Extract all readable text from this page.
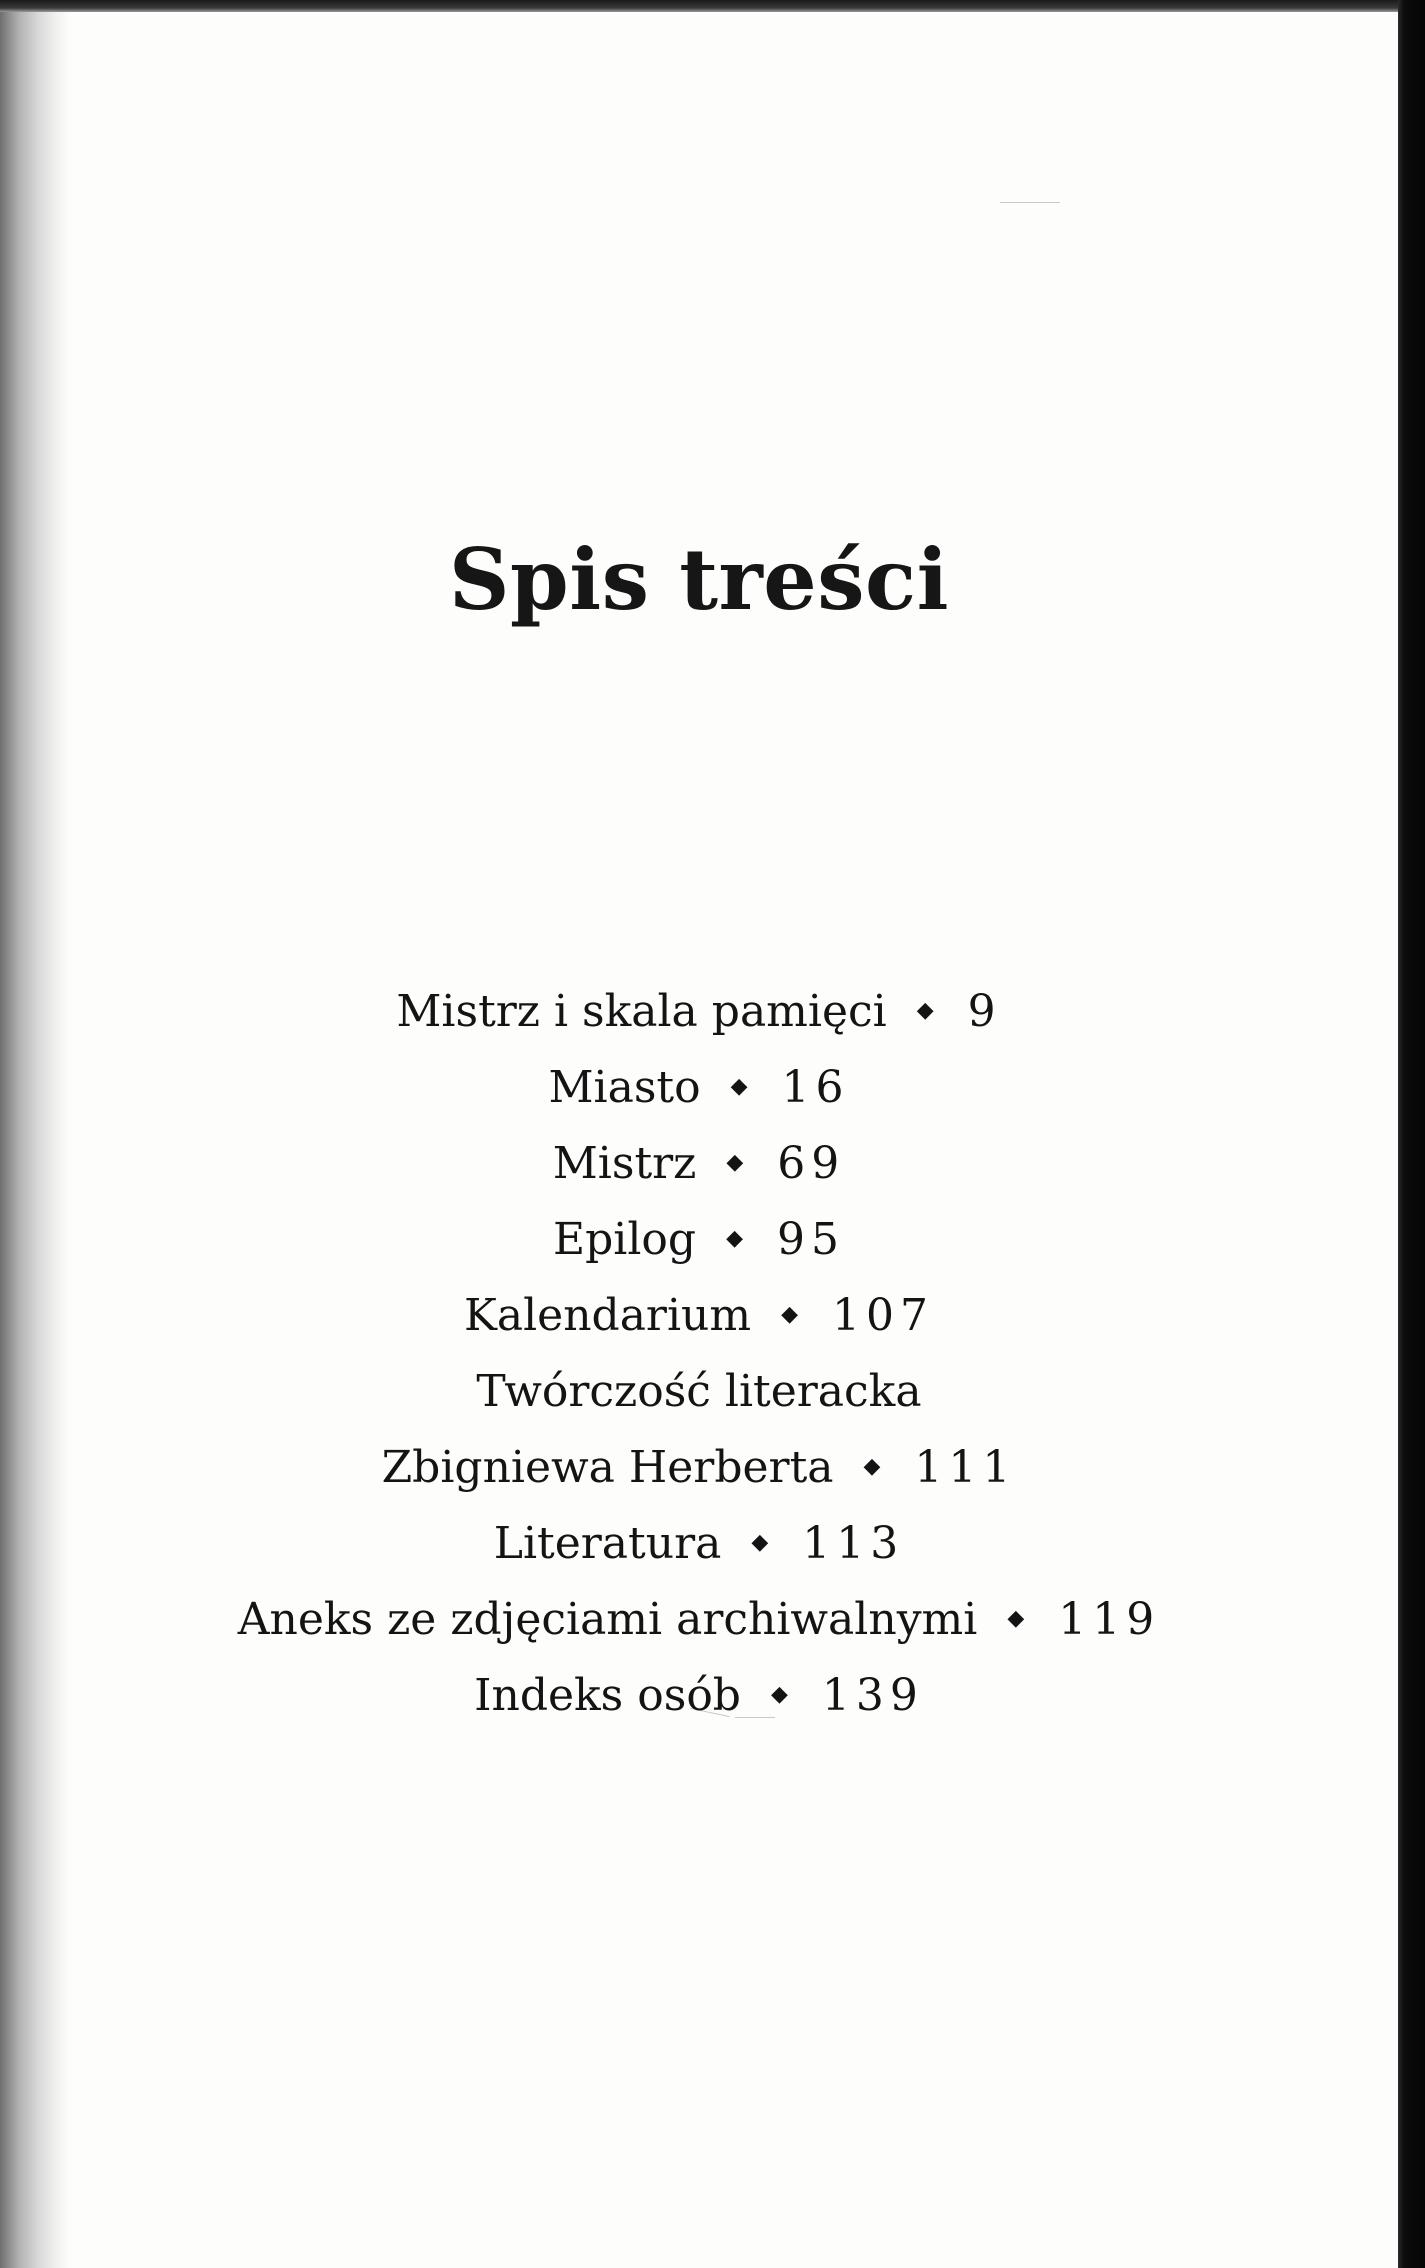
Spis treści
Mistrz i skala pamięci ◆ 9
Miasto ◆ 16
Mistrz ◆ 69
Epilog ◆ 95
Kalendarium ◆ 107
Twórczość literacka
Zbigniewa Herberta ◆ 111
Literatura ◆ 113
Aneks ze zdjęciami archiwalnymi ◆ 119
Indeks osób ◆ 139
